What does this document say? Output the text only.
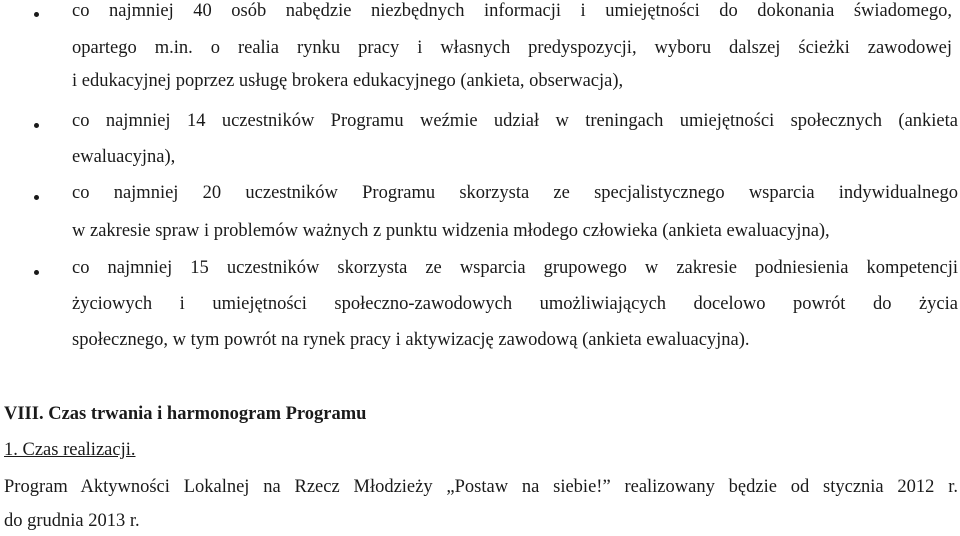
co najmniej 40 osób nabędzie niezbędnych informacji i umiejętności do dokonania świadomego,
opartego m.in. o realia rynku pracy i własnych predyspozycji, wyboru dalszej ścieżki zawodowej
i edukacyjnej poprzez usługę brokera edukacyjnego (ankieta, obserwacja),
co najmniej 14 uczestników Programu weźmie udział w treningach umiejętności społecznych (ankieta
ewaluacyjna),
co najmniej 20 uczestników Programu skorzysta ze specjalistycznego wsparcia indywidualnego
w zakresie spraw i problemów ważnych z punktu widzenia młodego człowieka (ankieta ewaluacyjna),
co najmniej 15 uczestników skorzysta ze wsparcia grupowego w zakresie podniesienia kompetencji
życiowych i umiejętności społeczno-zawodowych umożliwiających docelowo powrót do życia
społecznego, w tym powrót na rynek pracy i aktywizację zawodową (ankieta ewaluacyjna).
VIII. Czas trwania i harmonogram Programu
1. Czas realizacji.
Program Aktywności Lokalnej na Rzecz Młodzieży „Postaw na siebie!” realizowany będzie od stycznia 2012 r.
do grudnia 2013 r.
